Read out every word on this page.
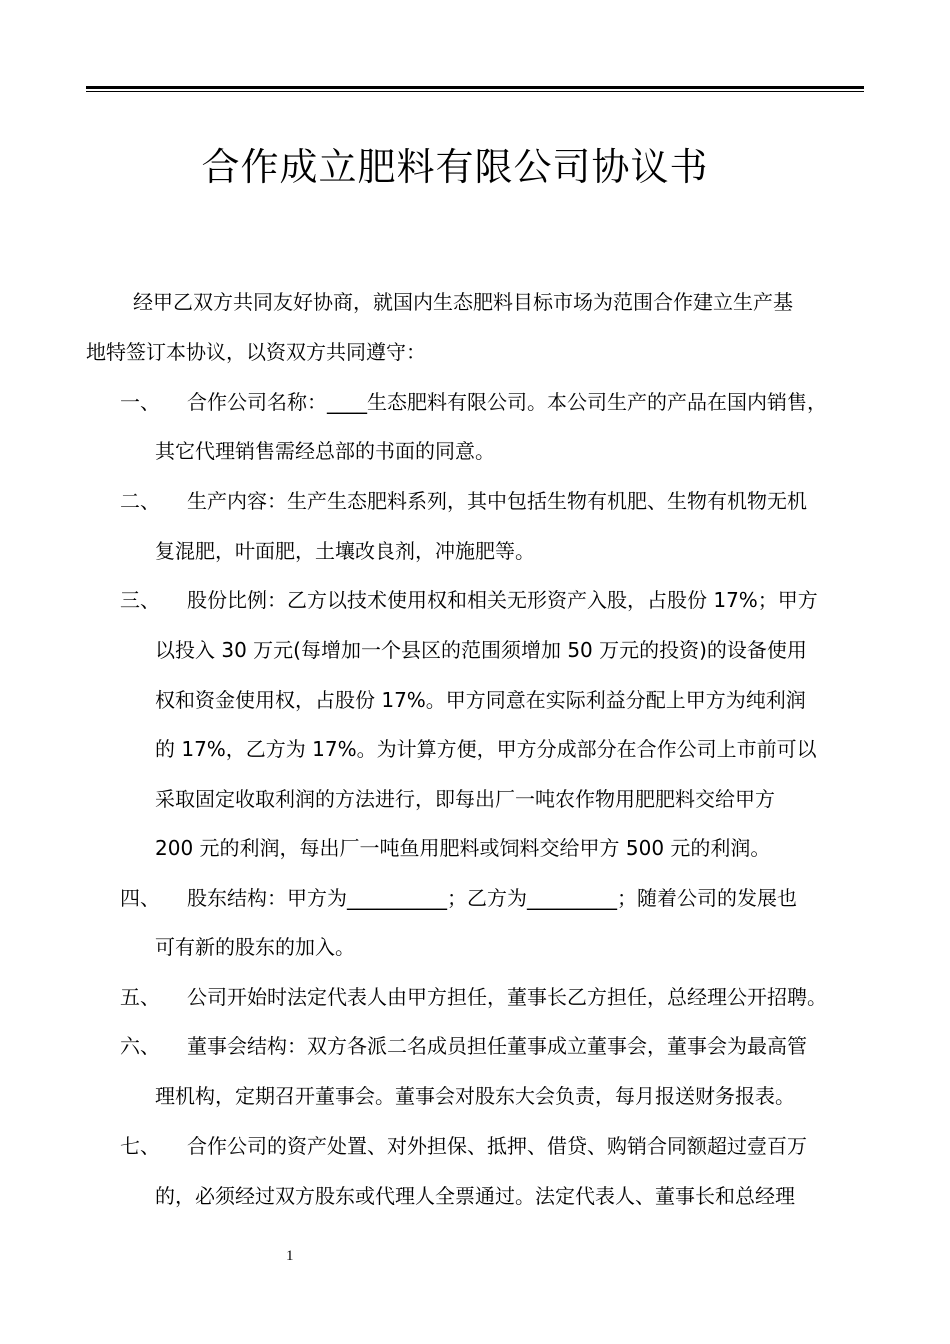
合作成立肥料有限公司协议书
经甲乙双方共同友好协商，就国内生态肥料目标市场为范围合作建立生产基
地特签订本协议，以资双方共同遵守：
一、 合作公司名称：____生态肥料有限公司。本公司生产的产品在国内销售，
其它代理销售需经总部的书面的同意。
二、 生产内容：生产生态肥料系列，其中包括生物有机肥、生物有机物无机
复混肥，叶面肥，土壤改良剂，冲施肥等。
三、 股份比例：乙方以技术使用权和相关无形资产入股，占股份 17%；甲方
以投入 30 万元(每增加一个县区的范围须增加 50 万元的投资)的设备使用
权和资金使用权，占股份 17%。甲方同意在实际利益分配上甲方为纯利润
的 17%，乙方为 17%。为计算方便，甲方分成部分在合作公司上市前可以
采取固定收取利润的方法进行，即每出厂一吨农作物用肥肥料交给甲方
200 元的利润，每出厂一吨鱼用肥料或饲料交给甲方 500 元的利润。
四、 股东结构：甲方为__________；乙方为_________；随着公司的发展也
可有新的股东的加入。
五、 公司开始时法定代表人由甲方担任，董事长乙方担任，总经理公开招聘。
六、 董事会结构：双方各派二名成员担任董事成立董事会，董事会为最高管
理机构，定期召开董事会。董事会对股东大会负责，每月报送财务报表。
七、 合作公司的资产处置、对外担保、抵押、借贷、购销合同额超过壹百万
的，必须经过双方股东或代理人全票通过。法定代表人、董事长和总经理
1
